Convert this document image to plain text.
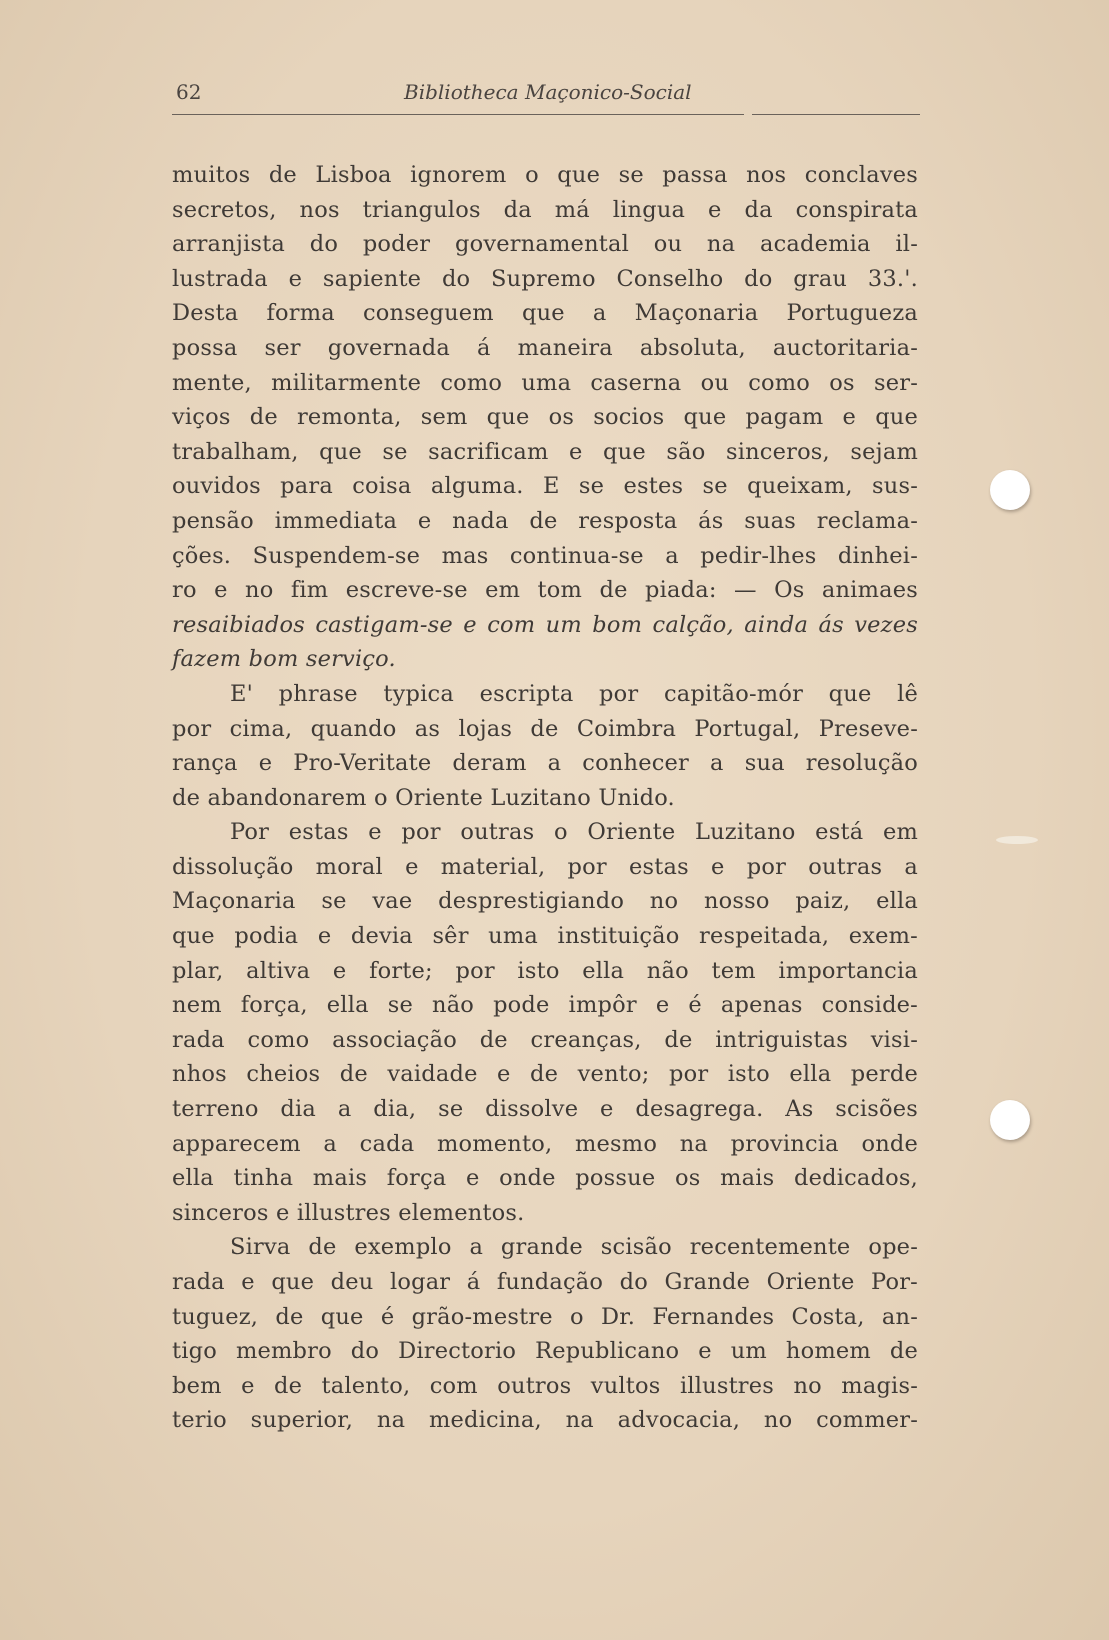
62	Bibliotheca Maçonico-Social
muitos de Lisboa ignorem o que se passa nos conclaves
secretos, nos triangulos da má lingua e da conspirata
arranjista do poder governamental ou na academia il-
lustrada e sapiente do Supremo Conselho do grau 33.'.
Desta forma conseguem que a Maçonaria Portugueza
possa ser governada á maneira absoluta, auctoritaria-
mente, militarmente como uma caserna ou como os ser-
viços de remonta, sem que os socios que pagam e que
trabalham, que se sacrificam e que são sinceros, sejam
ouvidos para coisa alguma. E se estes se queixam, sus-
pensão immediata e nada de resposta ás suas reclama-
ções. Suspendem-se mas continua-se a pedir-lhes dinhei-
ro e no fim escreve-se em tom de piada: — Os animaes
resaibiados castigam-se e com um bom calção, ainda ás vezes
fazem bom serviço.
E' phrase typica escripta por capitão-mór que lê
por cima, quando as lojas de Coimbra Portugal, Preseve-
rança e Pro-Veritate deram a conhecer a sua resolução
de abandonarem o Oriente Luzitano Unido.
Por estas e por outras o Oriente Luzitano está em
dissolução moral e material, por estas e por outras a
Maçonaria se vae desprestigiando no nosso paiz, ella
que podia e devia sêr uma instituição respeitada, exem-
plar, altiva e forte; por isto ella não tem importancia
nem força, ella se não pode impôr e é apenas conside-
rada como associação de creanças, de intriguistas visi-
nhos cheios de vaidade e de vento; por isto ella perde
terreno dia a dia, se dissolve e desagrega. As scisões
apparecem a cada momento, mesmo na provincia onde
ella tinha mais força e onde possue os mais dedicados,
sinceros e illustres elementos.
Sirva de exemplo a grande scisão recentemente ope-
rada e que deu logar á fundação do Grande Oriente Por-
tuguez, de que é grão-mestre o Dr. Fernandes Costa, an-
tigo membro do Directorio Republicano e um homem de
bem e de talento, com outros vultos illustres no magis-
terio superior, na medicina, na advocacia, no commer-
